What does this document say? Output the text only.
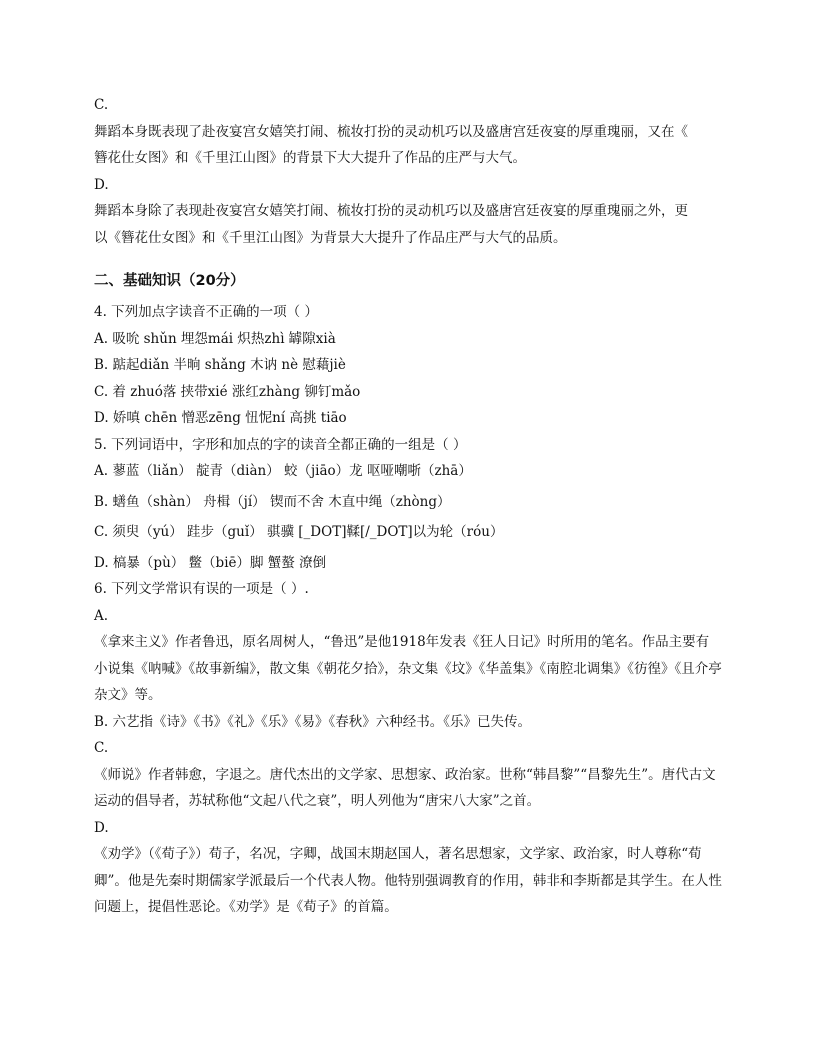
C.
舞蹈本身既表现了赴夜宴宫女嬉笑打闹、梳妆打扮的灵动机巧以及盛唐宫廷夜宴的厚重瑰丽，又在《
簪花仕女图》和《千里江山图》的背景下大大提升了作品的庄严与大气。
D.
舞蹈本身除了表现赴夜宴宫女嬉笑打闹、梳妆打扮的灵动机巧以及盛唐宫廷夜宴的厚重瑰丽之外，更
以《簪花仕女图》和《千里江山图》为背景大大提升了作品庄严与大气的品质。
二、基础知识（20分）
4. 下列加点字读音不正确的一项（ ）
A. 吸吮 shǔn 埋怨mái 炽热zhì 罅隙xià
B. 踮起diǎn 半晌 shǎng 木讷 nè 慰藉jiè
C. 着 zhuó落 挟带xié 涨红zhàng 铆钉mǎo
D. 娇嗔 chēn 憎恶zēng 忸怩ní 高挑 tiāo
5. 下列词语中，字形和加点的字的读音全都正确的一组是（ ）
A. 蓼蓝（liǎn） 靛青（diàn） 蛟（jiāo）龙 呕哑嘲哳（zhā）
B. 蟮鱼（shàn） 舟楫（jí） 锲而不舍 木直中绳（zhòng）
C. 须臾（yú） 跬步（guǐ） 骐骥 [_DOT]鞣[/_DOT]以为轮（róu）
D. 槁暴（pù） 鳖（biē）脚 蟹螯 潦倒
6. 下列文学常识有误的一项是（ ）.
A.
《拿来主义》作者鲁迅，原名周树人，“鲁迅”是他1918年发表《狂人日记》时所用的笔名。作品主要有小说集《呐喊》《故事新编》，散文集《朝花夕拾》，杂文集《坟》《华盖集》《南腔北调集》《彷徨》《且介亭杂文》等。
B. 六艺指《诗》《书》《礼》《乐》《易》《春秋》六种经书。《乐》已失传。
C.
《师说》作者韩愈，字退之。唐代杰出的文学家、思想家、政治家。世称“韩昌黎”“昌黎先生”。唐代古文运动的倡导者，苏轼称他“文起八代之衰”，明人列他为“唐宋八大家”之首。
D.
《劝学》（《荀子》）荀子，名况，字卿，战国末期赵国人，著名思想家，文学家、政治家，时人尊称“荀卿”。他是先秦时期儒家学派最后一个代表人物。他特别强调教育的作用，韩非和李斯都是其学生。在人性问题上，提倡性恶论。《劝学》是《荀子》的首篇。
